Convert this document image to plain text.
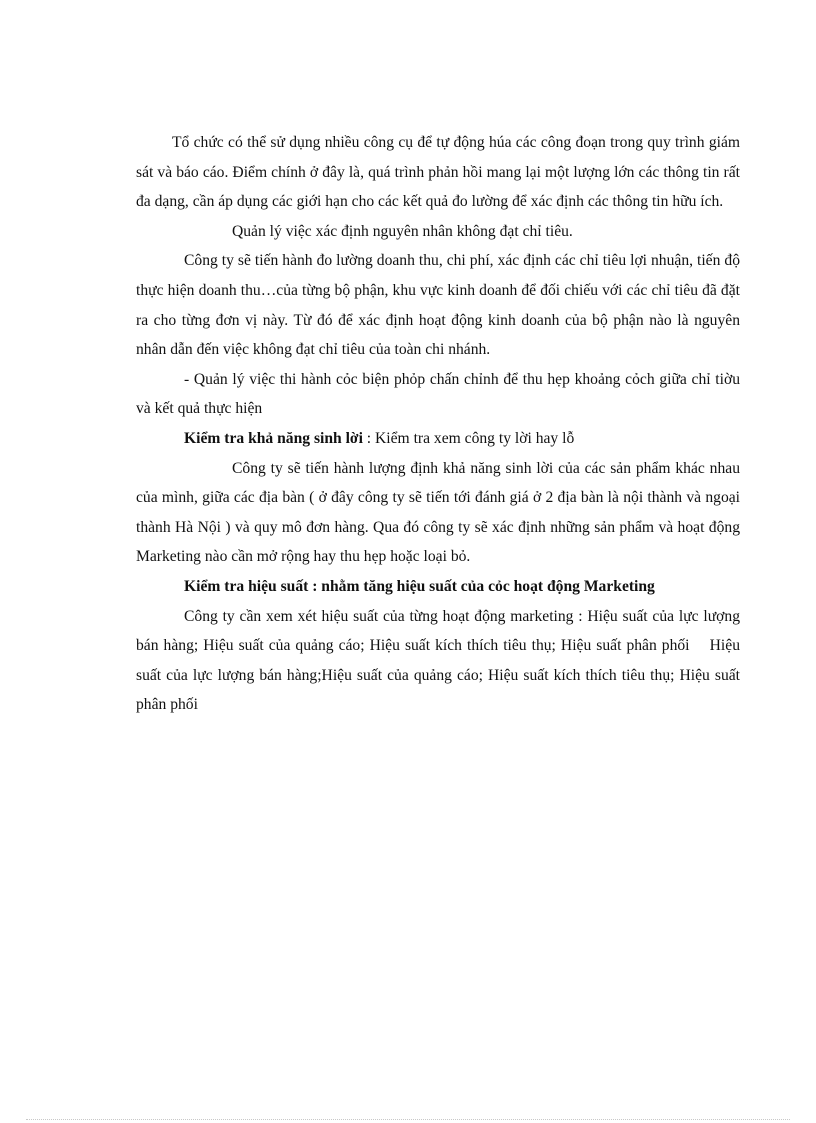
Tổ chức có thể sử dụng nhiều công cụ để tự động húa các công đoạn trong quy trình giám sát và báo cáo. Điểm chính ở đây là, quá trình phản hồi mang lại một lượng lớn các thông tin rất đa dạng, cần áp dụng các giới hạn cho các kết quả đo lường để xác định các thông tin hữu ích.

Quản lý việc xác định nguyên nhân không đạt chỉ tiêu.

Công ty sẽ tiến hành đo lường doanh thu, chi phí, xác định các chỉ tiêu lợi nhuận, tiến độ thực hiện doanh thu…của từng bộ phận, khu vực kinh doanh để đối chiếu với các chỉ tiêu đã đặt ra cho từng đơn vị này. Từ đó để xác định hoạt động kinh doanh của bộ phận nào là nguyên nhân dẫn đến việc không đạt chỉ tiêu của toàn chi nhánh.

- Quản lý việc thi hành cỏc biện phỏp chấn chỉnh để thu hẹp khoảng cỏch giữa chỉ tiờu và kết quả thực hiện

Kiểm tra khả năng sinh lời : Kiểm tra xem công ty lời hay lỗ

Công ty sẽ tiến hành lượng định khả năng sinh lời của các sản phẩm khác nhau của mình, giữa các địa bàn ( ở đây công ty sẽ tiến tới đánh giá ở 2 địa bàn là nội thành và ngoại thành Hà Nội ) và quy mô đơn hàng. Qua đó công ty sẽ xác định những sản phẩm và hoạt động Marketing nào cần mở rộng hay thu hẹp hoặc loại bỏ.

Kiểm tra hiệu suất : nhằm tăng hiệu suất của cỏc hoạt động Marketing

Công ty cần xem xét hiệu suất của từng hoạt động marketing : Hiệu suất của lực lượng bán hàng; Hiệu suất của quảng cáo; Hiệu suất kích thích tiêu thụ; Hiệu suất phân phối    Hiệu suất của lực lượng bán hàng;Hiệu suất của quảng cáo; Hiệu suất kích thích tiêu thụ; Hiệu suất phân phối
